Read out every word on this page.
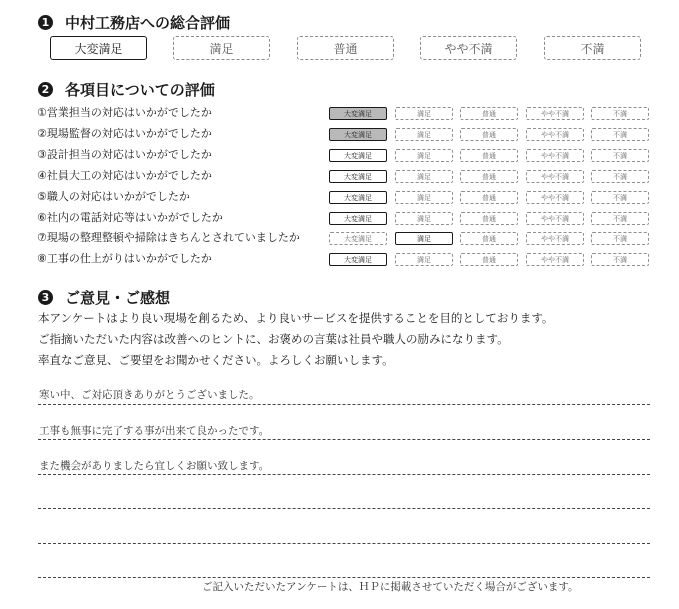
1 中村工務店への総合評価
大変満足	満足	普通	やや不満	不満
2 各項目についての評価
①営業担当の対応はいかがでしたか	大変満足	満足	普通	やや不満	不満
②現場監督の対応はいかがでしたか	大変満足	満足	普通	やや不満	不満
③設計担当の対応はいかがでしたか	大変満足	満足	普通	やや不満	不満
④社員大工の対応はいかがでしたか	大変満足	満足	普通	やや不満	不満
⑤職人の対応はいかがでしたか	大変満足	満足	普通	やや不満	不満
⑥社内の電話対応等はいかがでしたか	大変満足	満足	普通	やや不満	不満
⑦現場の整理整頓や掃除はきちんとされていましたか	大変満足	満足	普通	やや不満	不満
⑧工事の仕上がりはいかがでしたか	大変満足	満足	普通	やや不満	不満
3 ご意見・ご感想
本アンケートはより良い現場を創るため、より良いサービスを提供することを目的としております。
ご指摘いただいた内容は改善へのヒントに、お褒めの言葉は社員や職人の励みになります。
率直なご意見、ご要望をお聞かせください。よろしくお願いします。
寒い中、ご対応頂きありがとうございました。
工事も無事に完了する事が出来て良かったです。
また機会がありましたら宜しくお願い致します。
ご記入いただいたアンケートは、ＨＰに掲載させていただく場合がございます。
